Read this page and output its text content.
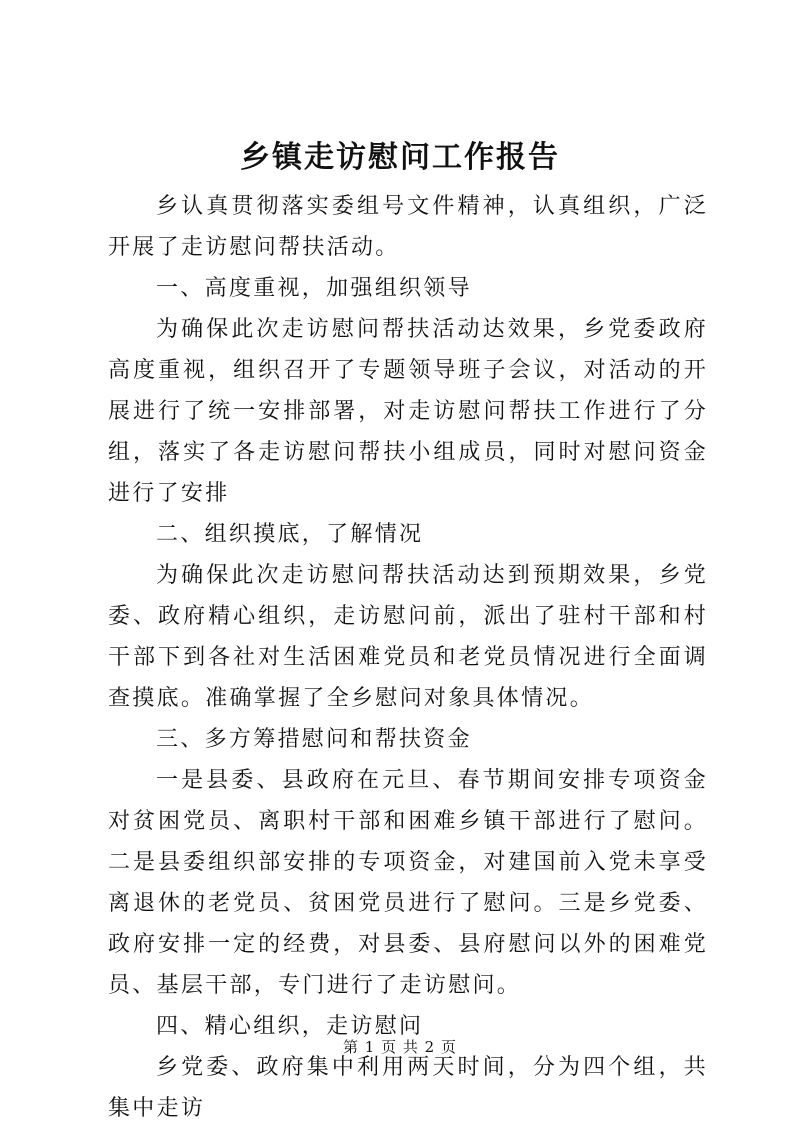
乡镇走访慰问工作报告

乡认真贯彻落实委组号文件精神，认真组织，广泛开展了走访慰问帮扶活动。

一、高度重视，加强组织领导

为确保此次走访慰问帮扶活动达效果，乡党委政府高度重视，组织召开了专题领导班子会议，对活动的开展进行了统一安排部署，对走访慰问帮扶工作进行了分组，落实了各走访慰问帮扶小组成员，同时对慰问资金进行了安排

二、组织摸底，了解情况

为确保此次走访慰问帮扶活动达到预期效果，乡党委、政府精心组织，走访慰问前，派出了驻村干部和村干部下到各社对生活困难党员和老党员情况进行全面调查摸底。准确掌握了全乡慰问对象具体情况。

三、多方筹措慰问和帮扶资金

一是县委、县政府在元旦、春节期间安排专项资金对贫困党员、离职村干部和困难乡镇干部进行了慰问。二是县委组织部安排的专项资金，对建国前入党未享受离退休的老党员、贫困党员进行了慰问。三是乡党委、政府安排一定的经费，对县委、县府慰问以外的困难党员、基层干部，专门进行了走访慰问。

四、精心组织，走访慰问

乡党委、政府集中利用两天时间，分为四个组，共集中走访

第 1 页 共 2 页
